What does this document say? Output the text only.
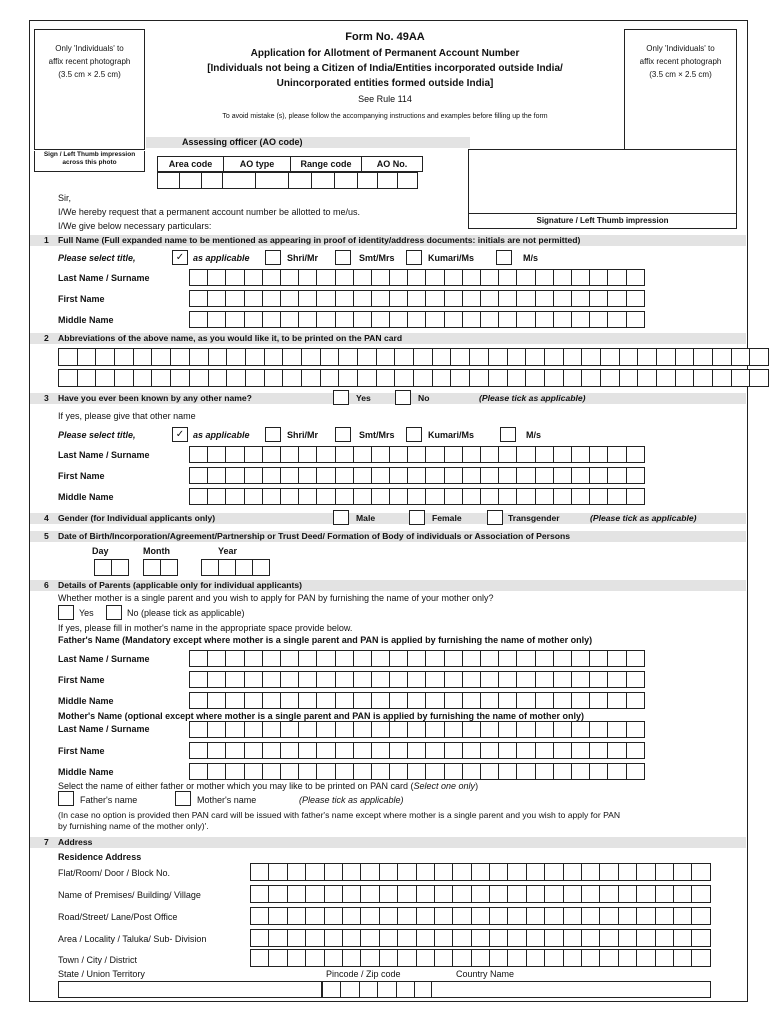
Only 'Individuals' to
affix recent photograph
(3.5 cm × 2.5 cm)
Only 'Individuals' to
affix recent photograph
(3.5 cm × 2.5 cm)
Sign / Left Thumb impression across this photo
Form No. 49AA
Application for Allotment of Permanent Account Number
[Individuals not being a Citizen of India/Entities incorporated outside India/
Unincorporated entities formed outside India]
See Rule 114
To avoid mistake (s), please follow the accompanying instructions and examples before filling up the form
Assessing officer (AO code)
Area code	AO type	Range code	AO No.
Signature / Left Thumb impression
Sir,
I/We hereby request that a permanent account number be allotted to me/us.
I/We give below necessary particulars:
1 Full Name (Full expanded name to be mentioned as appearing in proof of identity/address documents: initials are not permitted)
Please select title,	✓ as applicable	Shri/Mr	Smt/Mrs	Kumari/Ms	M/s
Last Name / Surname
First Name
Middle Name
2 Abbreviations of the above name, as you would like it, to be printed on the PAN card
3 Have you ever been known by any other name?	Yes	No	(Please tick as applicable)
If yes, please give that other name
Please select title,	✓ as applicable	Shri/Mr	Smt/Mrs	Kumari/Ms	M/s
Last Name / Surname
First Name
Middle Name
4 Gender (for Individual applicants only)	Male	Female	Transgender	(Please tick as applicable)
5 Date of Birth/Incorporation/Agreement/Partnership or Trust Deed/ Formation of Body of individuals or Association of Persons
Day	Month	Year
6 Details of Parents (applicable only for individual applicants)
Whether mother is a single parent and you wish to apply for PAN by furnishing the name of your mother only?
Yes	No (please tick as applicable)
If yes, please fill in mother's name in the appropriate space provide below.
Father's Name (Mandatory except where mother is a single parent and PAN is applied by furnishing the name of mother only)
Last Name / Surname
First Name
Middle Name
Mother's Name (optional except where mother is a single parent and PAN is applied by furnishing the name of mother only)
Last Name / Surname
First Name
Middle Name
Select the name of either father or mother which you may like to be printed on PAN card (Select one only)
Father's name	Mother's name	(Please tick as applicable)
(In case no option is provided then PAN card will be issued with father's name except where mother is a single parent and you wish to apply for PAN
by furnishing name of the mother only)'.
7 Address
Residence Address
Flat/Room/ Door / Block No.
Name of Premises/ Building/ Village
Road/Street/ Lane/Post Office
Area / Locality / Taluka/ Sub- Division
Town / City / District
State / Union Territory	Pincode / Zip code	Country Name
